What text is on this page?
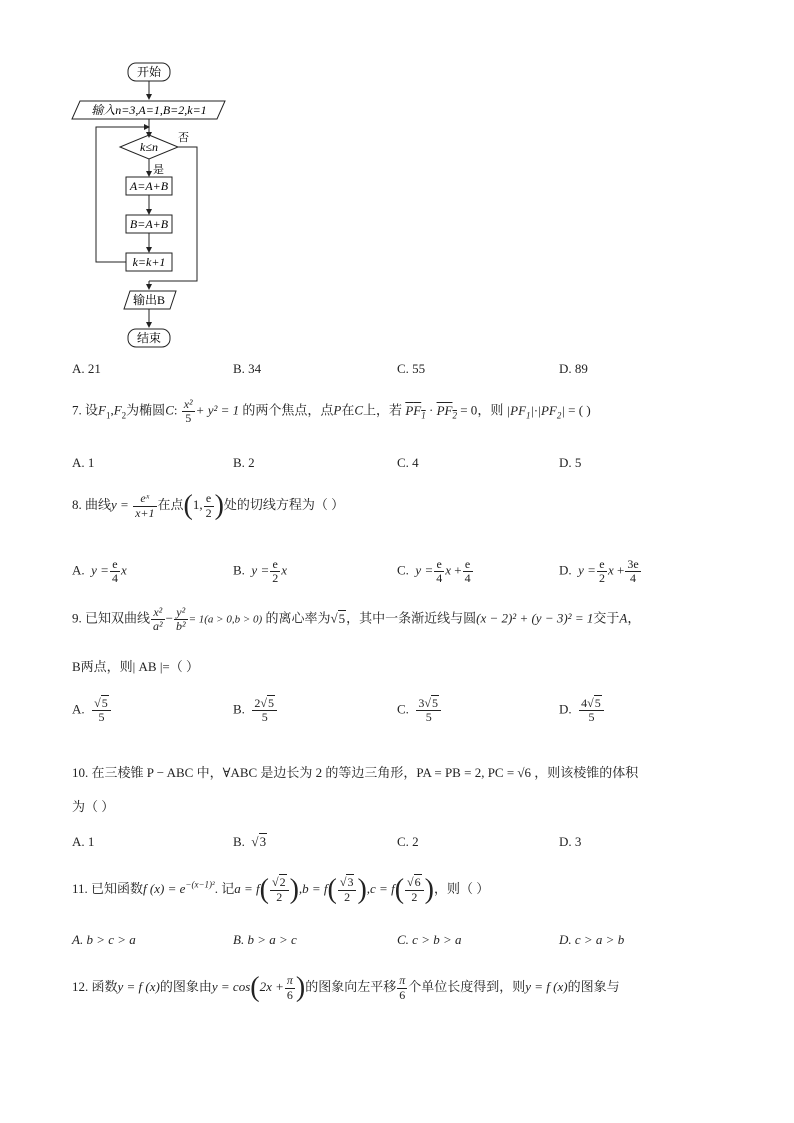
开始
输入n=3,A=1,B=2,k=1
k≤n
否
是
A=A+B
B=A+B
k=k+1
输出B
结束
A. 21	B. 34	C. 55	D. 89
7. 设$F_1,F_2$为椭圆C: $\frac{\text{x²}}{5} + y^2 = 1$ 的两个焦点，点P在C上，若 $PF_1 \cdot PF_2 = 0$，则 $|PF_1|\cdot|PF_2|$ = ( )
A. 1	B. 2	C. 4	D. 5
8. 曲线$y = \frac{\text{eˣ}}{x+1}$ 在点(1, $\frac{e}{2}$ )处的切线方程为（ ）
A. $y = \frac{e}{4}$ x	B. $y = \frac{e}{2}$ x	C. $y = \frac{e}{4}$ $x + \frac{e}{4}$	D. $y = \frac{e}{2}$ $x + \frac{3e}{4}$
9. 已知双曲线 $\frac{\text{x²}}{\text{a²}} - \frac{\text{y²}}{\text{b²}} = 1(a > 0,b > 0)$ 的离心率为√5，其中一条渐近线与圆(x − 2)² + (y − 3)² = 1交于A，
B两点，则| AB |=（ ）
A. $\frac{√5}{5}$	B. $\frac{2√5}{5}$	C. $\frac{3√5}{5}$	D. $\frac{4√5}{5}$
10. 在三棱锥 P − ABC 中，∀ABC 是边长为 2 的等边三角形，PA = PB = 2, PC = √6 ，则该棱锥的体积
为（ ）
A. 1	B.  √3	C. 2	D. 3
11. 已知函数f $(x) = e^{-(x-1)^2}$. 记$a = f( \frac{√2}{2} ),b = f( \frac{√3}{2} ),c = f( \frac{√6}{2}$ )，则（ ）
A. b > c > a	B. b > a > c	C. c > b > a	D. c > a > b
12. 函数y = f (x)的图象由$y = \cos(2x + \frac{\pi}{6}$ )的图象向左平移 $\frac{\pi}{6}$ 个单位长度得到，则y = f (x)的图象与
